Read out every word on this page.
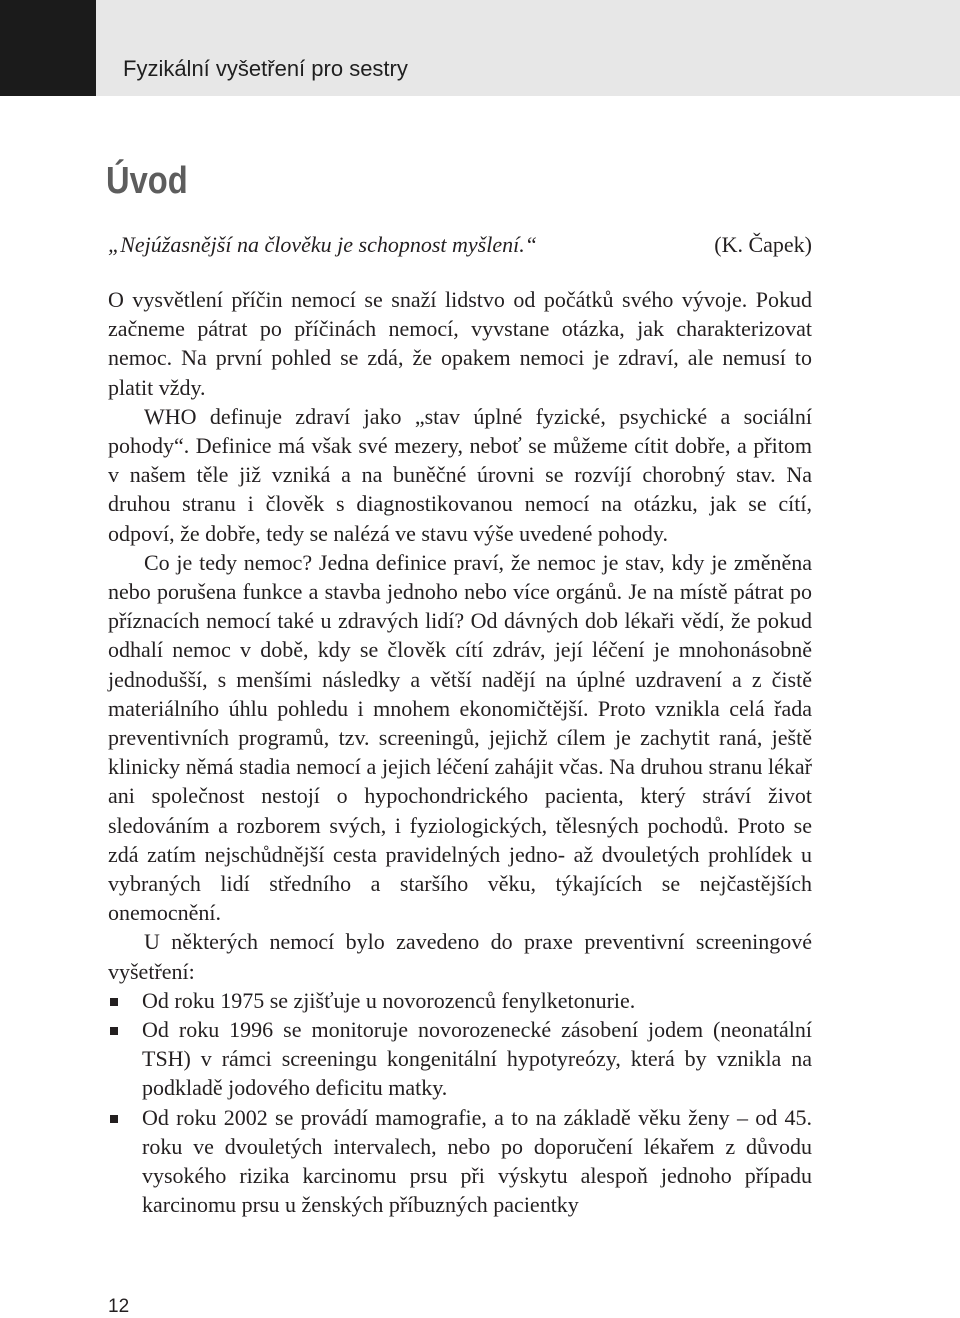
Fyzikální vyšetření pro sestry
Úvod
„Nejúžasnější na člověku je schopnost myšlení.“	(K. Čapek)

O vysvětlení příčin nemocí se snaží lidstvo od počátků svého vývoje. Pokud začneme pátrat po příčinách nemocí, vyvstane otázka, jak charakterizovat nemoc. Na první pohled se zdá, že opakem nemoci je zdraví, ale nemusí to platit vždy.

WHO definuje zdraví jako „stav úplné fyzické, psychické a sociální pohody“. Definice má však své mezery, neboť se můžeme cítit dobře, a přitom v našem těle již vzniká a na buněčné úrovni se rozvíjí chorobný stav. Na druhou stranu i člověk s diagnostikovanou nemocí na otázku, jak se cítí, odpoví, že dobře, tedy se nalézá ve stavu výše uvedené pohody.

Co je tedy nemoc? Jedna definice praví, že nemoc je stav, kdy je změněna nebo porušena funkce a stavba jednoho nebo více orgánů. Je na místě pátrat po příznacích nemocí také u zdravých lidí? Od dávných dob lékaři vědí, že pokud odhalí nemoc v době, kdy se člověk cítí zdráv, její léčení je mnohonásobně jednodušší, s menšími následky a větší nadějí na úplné uzdravení a z čistě materiálního úhlu pohledu i mnohem ekonomičtější. Proto vznikla celá řada preventivních programů, tzv. screeningů, jejichž cílem je zachytit raná, ještě klinicky němá stadia nemocí a jejich léčení zahájit včas. Na druhou stranu lékař ani společnost nestojí o hypochondrického pacienta, který stráví život sledováním a rozborem svých, i fyziologických, tělesných pochodů. Proto se zdá zatím nejschůdnější cesta pravidelných jedno- až dvouletých prohlídek u vybraných lidí středního a staršího věku, týkajících se nejčastějších onemocnění.

U některých nemocí bylo zavedeno do praxe preventivní screeningové vyšetření:

Od roku 1975 se zjišťuje u novorozenců fenylketonurie.
Od roku 1996 se monitoruje novorozenecké zásobení jodem (neonatální TSH) v rámci screeningu kongenitální hypotyreózy, která by vznikla na podkladě jodového deficitu matky.
Od roku 2002 se provádí mamografie, a to na základě věku ženy – od 45. roku ve dvouletých intervalech, nebo po doporučení lékařem z důvodu vysokého rizika karcinomu prsu při výskytu alespoň jednoho případu karcinomu prsu u ženských příbuzných pacientky
12
